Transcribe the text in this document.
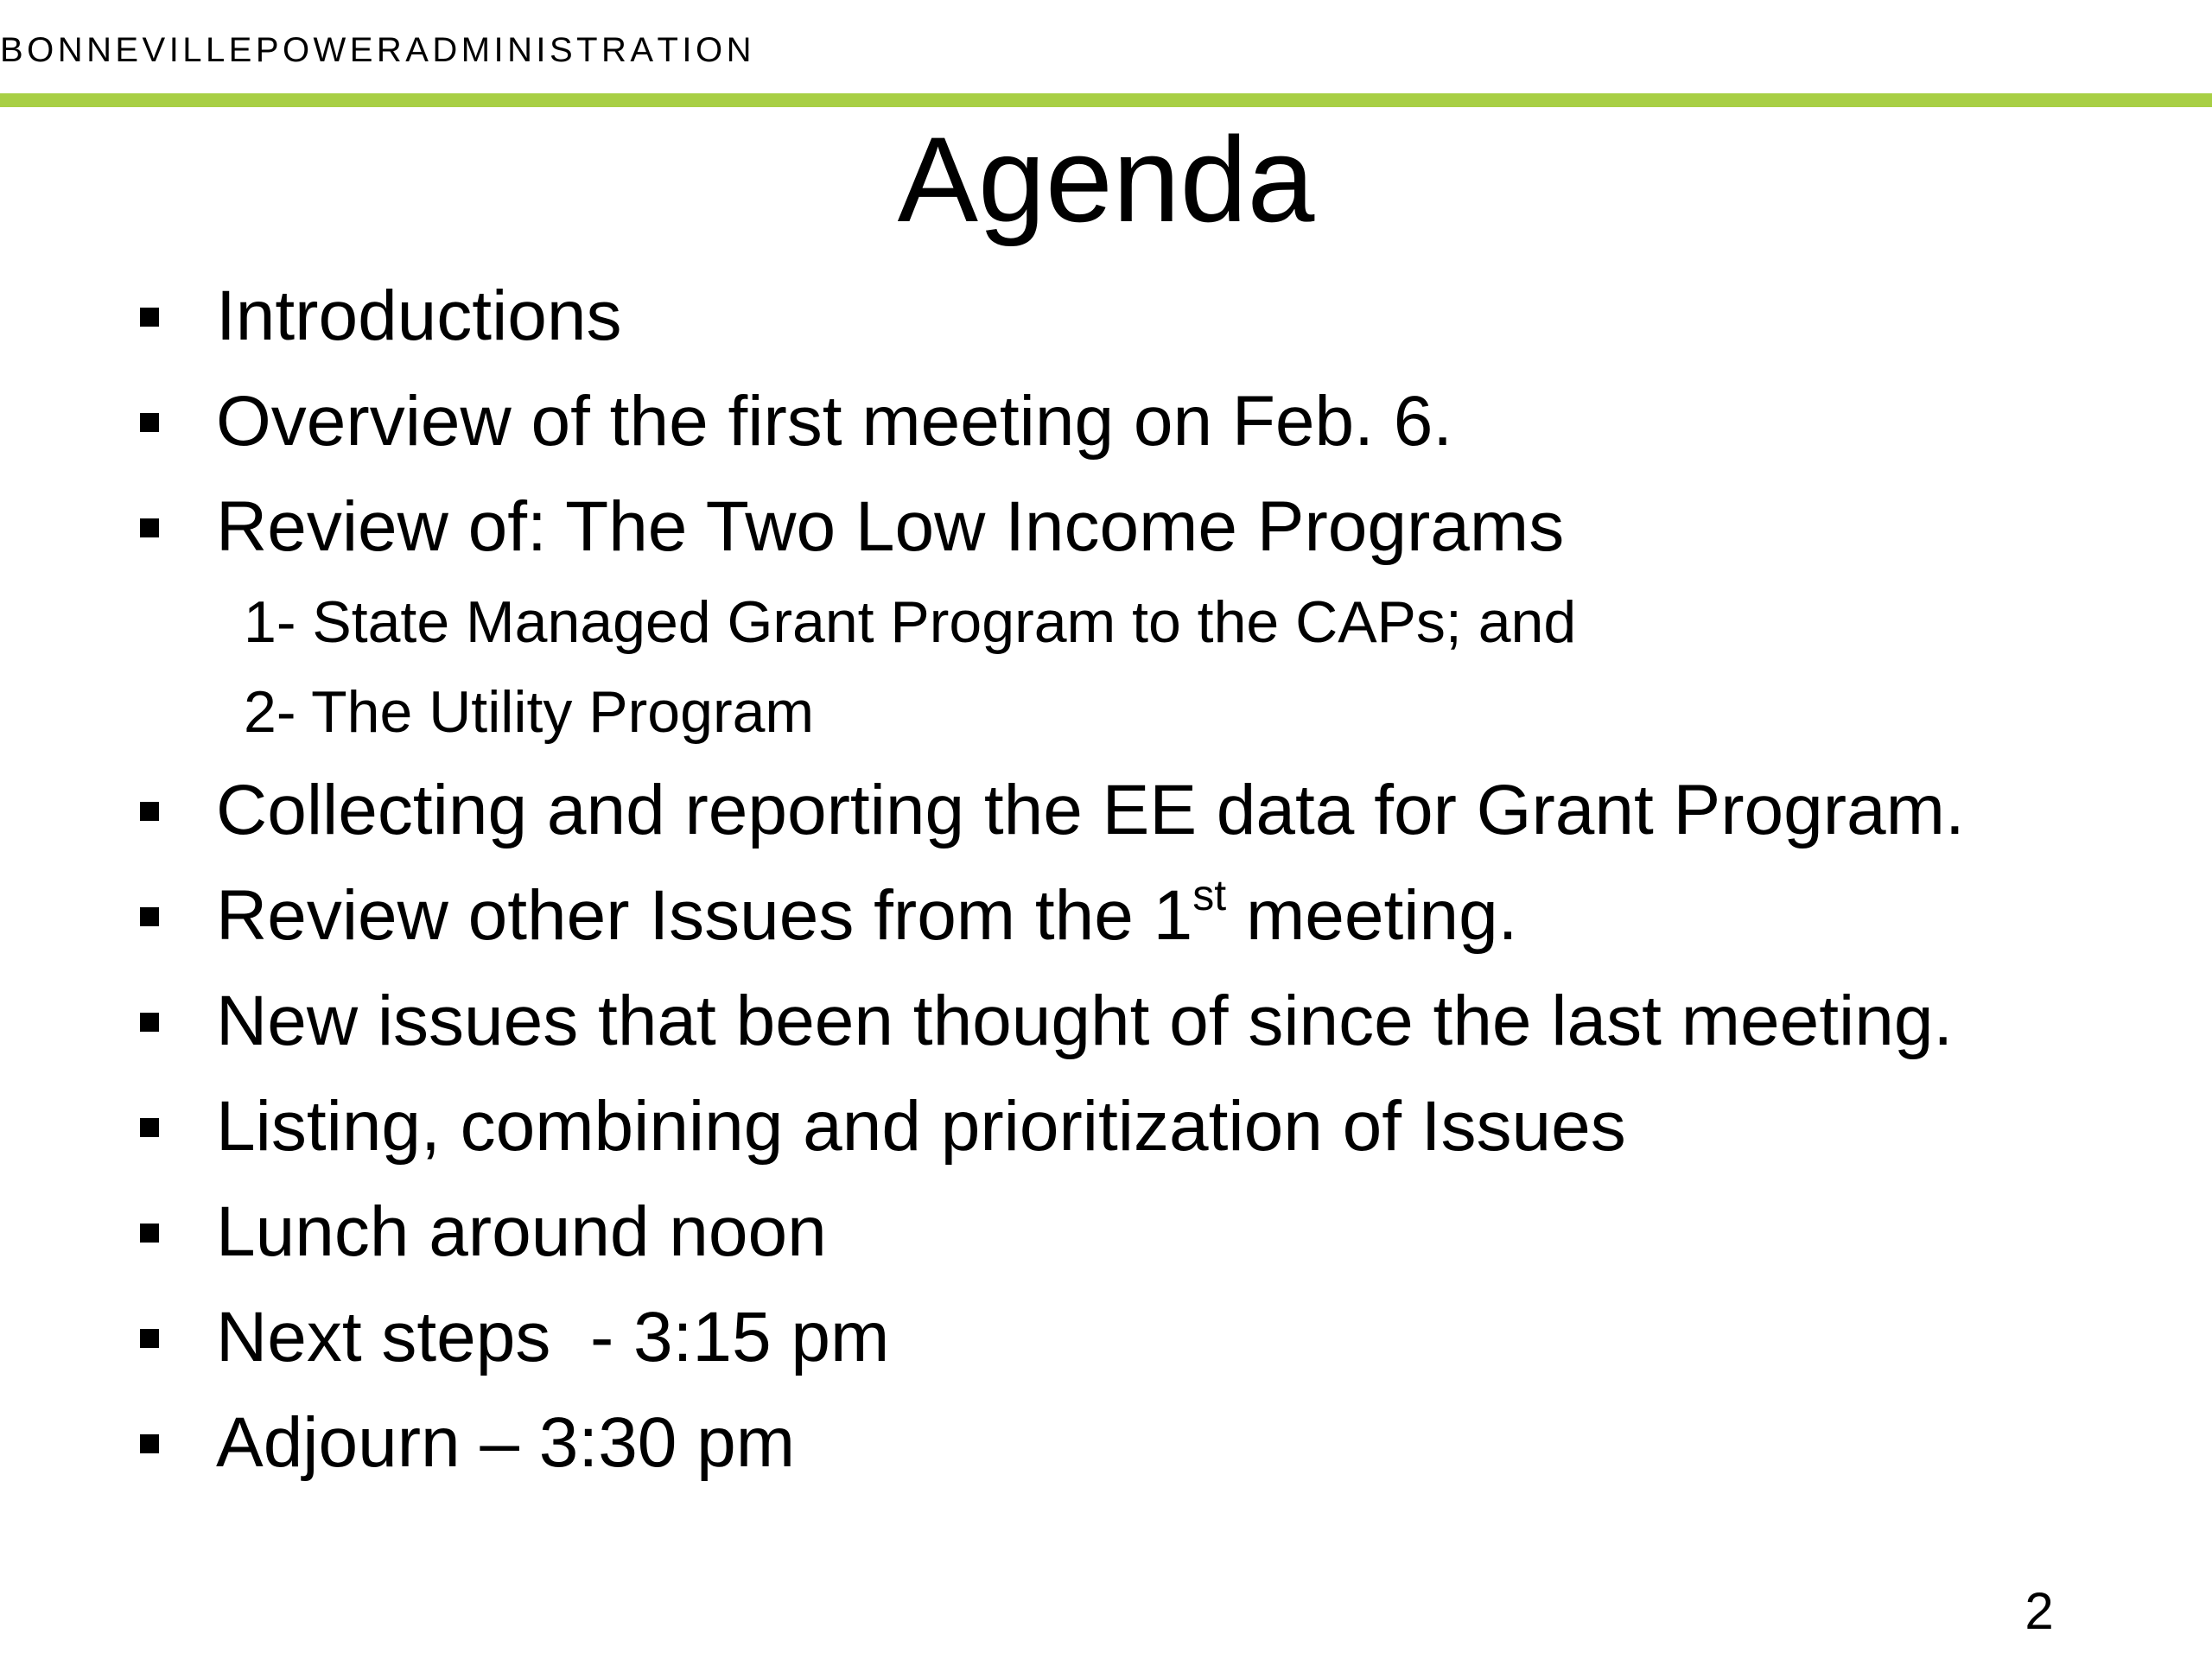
B O N N E V I L L E P O W E R A D M I N I S T R A T I O N
Agenda
Introductions
Overview of the first meeting on Feb. 6.
Review of: The Two Low Income Programs
1- State Managed Grant Program to the CAPs; and
2- The Utility Program
Collecting and reporting the EE data for Grant Program.
Review other Issues from the 1st meeting.
New issues that been thought of since the last meeting.
Listing, combining and prioritization of Issues
Lunch around noon
Next steps  - 3:15 pm
Adjourn – 3:30 pm
2
